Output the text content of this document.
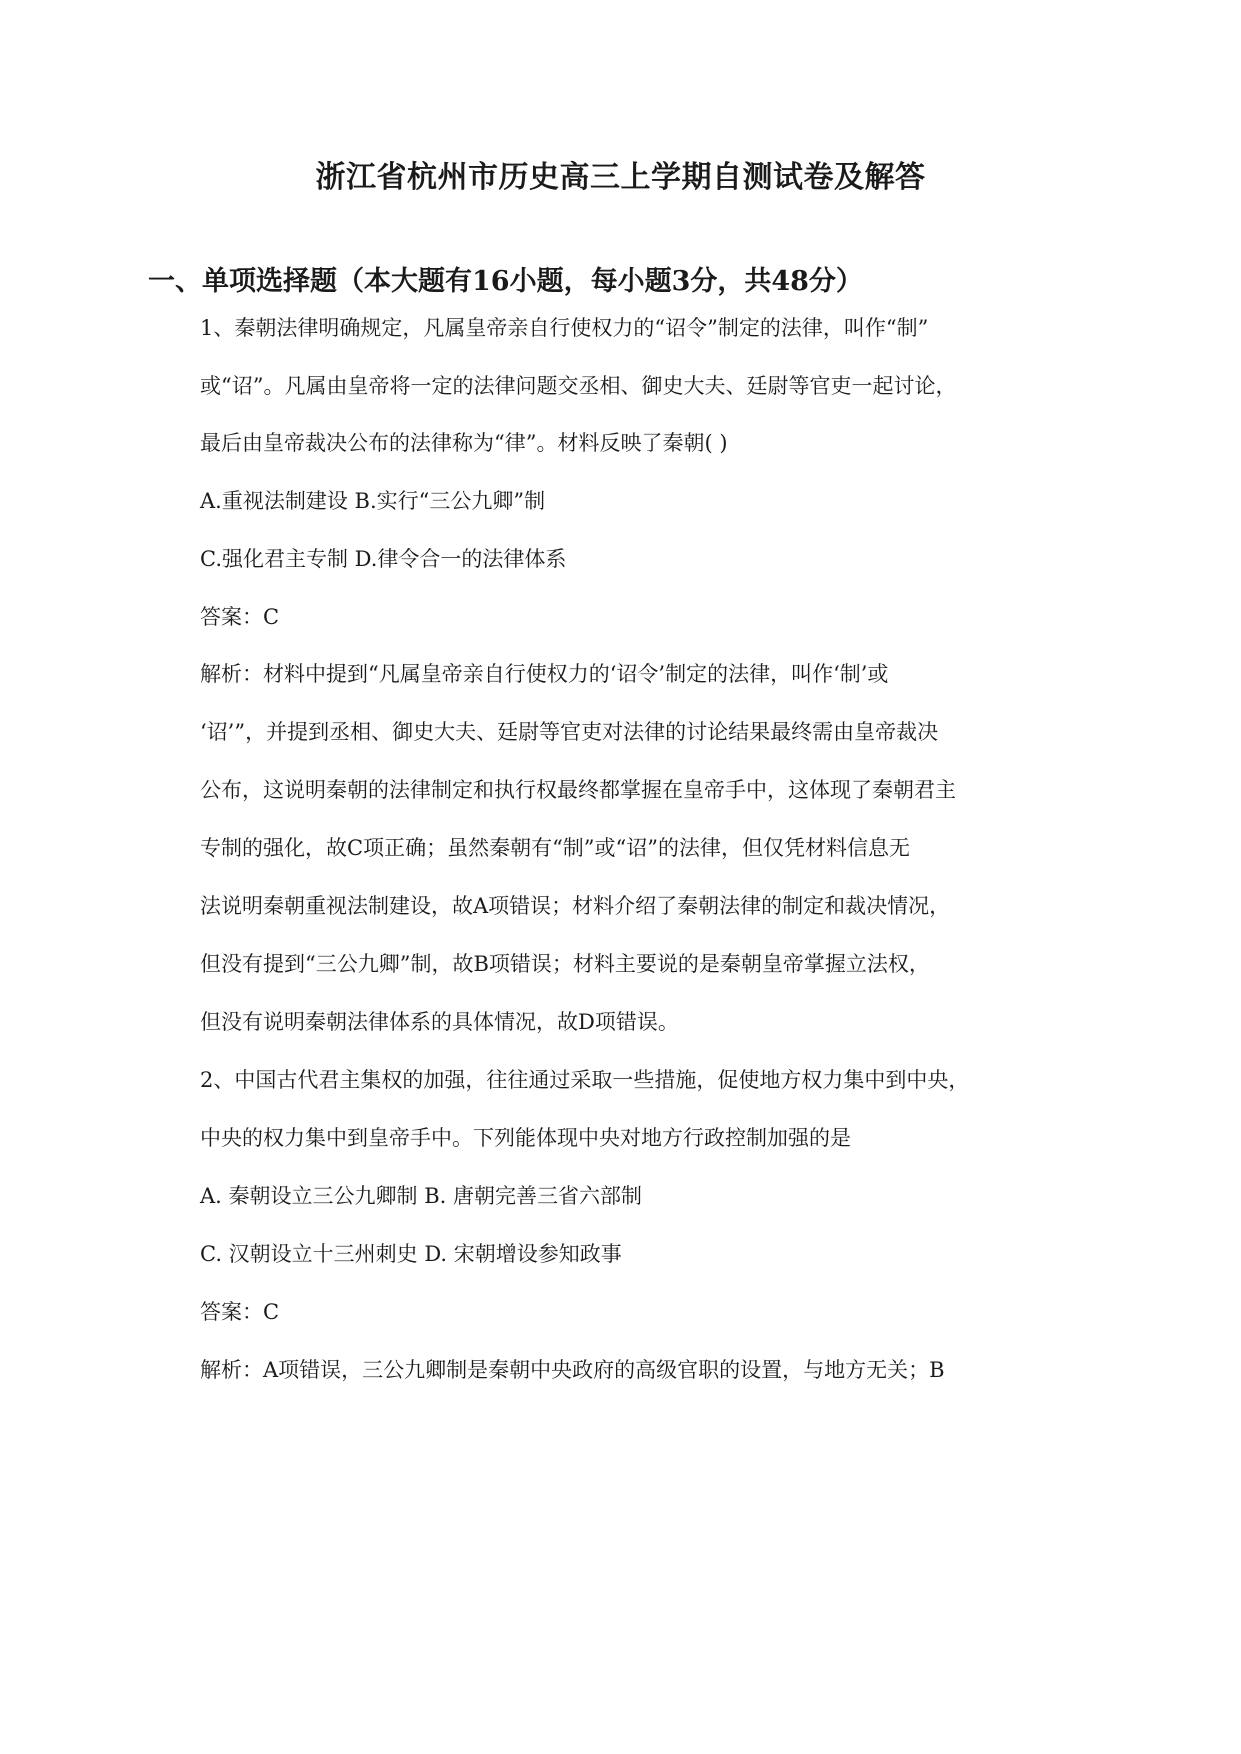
浙江省杭州市历史高三上学期自测试卷及解答
一、单项选择题（本大题有16小题，每小题3分，共48分）
1、秦朝法律明确规定，凡属皇帝亲自行使权力的“诏令”制定的法律，叫作“制”
或“诏”。凡属由皇帝将一定的法律问题交丞相、御史大夫、廷尉等官吏一起讨论，
最后由皇帝裁决公布的法律称为“律”。材料反映了秦朝( )
A.重视法制建设 B.实行“三公九卿”制
C.强化君主专制 D.律令合一的法律体系
答案：C
解析：材料中提到“凡属皇帝亲自行使权力的‘诏令’制定的法律，叫作‘制’或
‘诏’”，并提到丞相、御史大夫、廷尉等官吏对法律的讨论结果最终需由皇帝裁决
公布，这说明秦朝的法律制定和执行权最终都掌握在皇帝手中，这体现了秦朝君主
专制的强化，故C项正确；虽然秦朝有“制”或“诏”的法律，但仅凭材料信息无
法说明秦朝重视法制建设，故A项错误；材料介绍了秦朝法律的制定和裁决情况，
但没有提到“三公九卿”制，故B项错误；材料主要说的是秦朝皇帝掌握立法权，
但没有说明秦朝法律体系的具体情况，故D项错误。
2、中国古代君主集权的加强，往往通过采取一些措施，促使地方权力集中到中央，
中央的权力集中到皇帝手中。下列能体现中央对地方行政控制加强的是
A. 秦朝设立三公九卿制 B. 唐朝完善三省六部制
C. 汉朝设立十三州刺史 D. 宋朝增设参知政事
答案：C
解析：A项错误，三公九卿制是秦朝中央政府的高级官职的设置，与地方无关；B
